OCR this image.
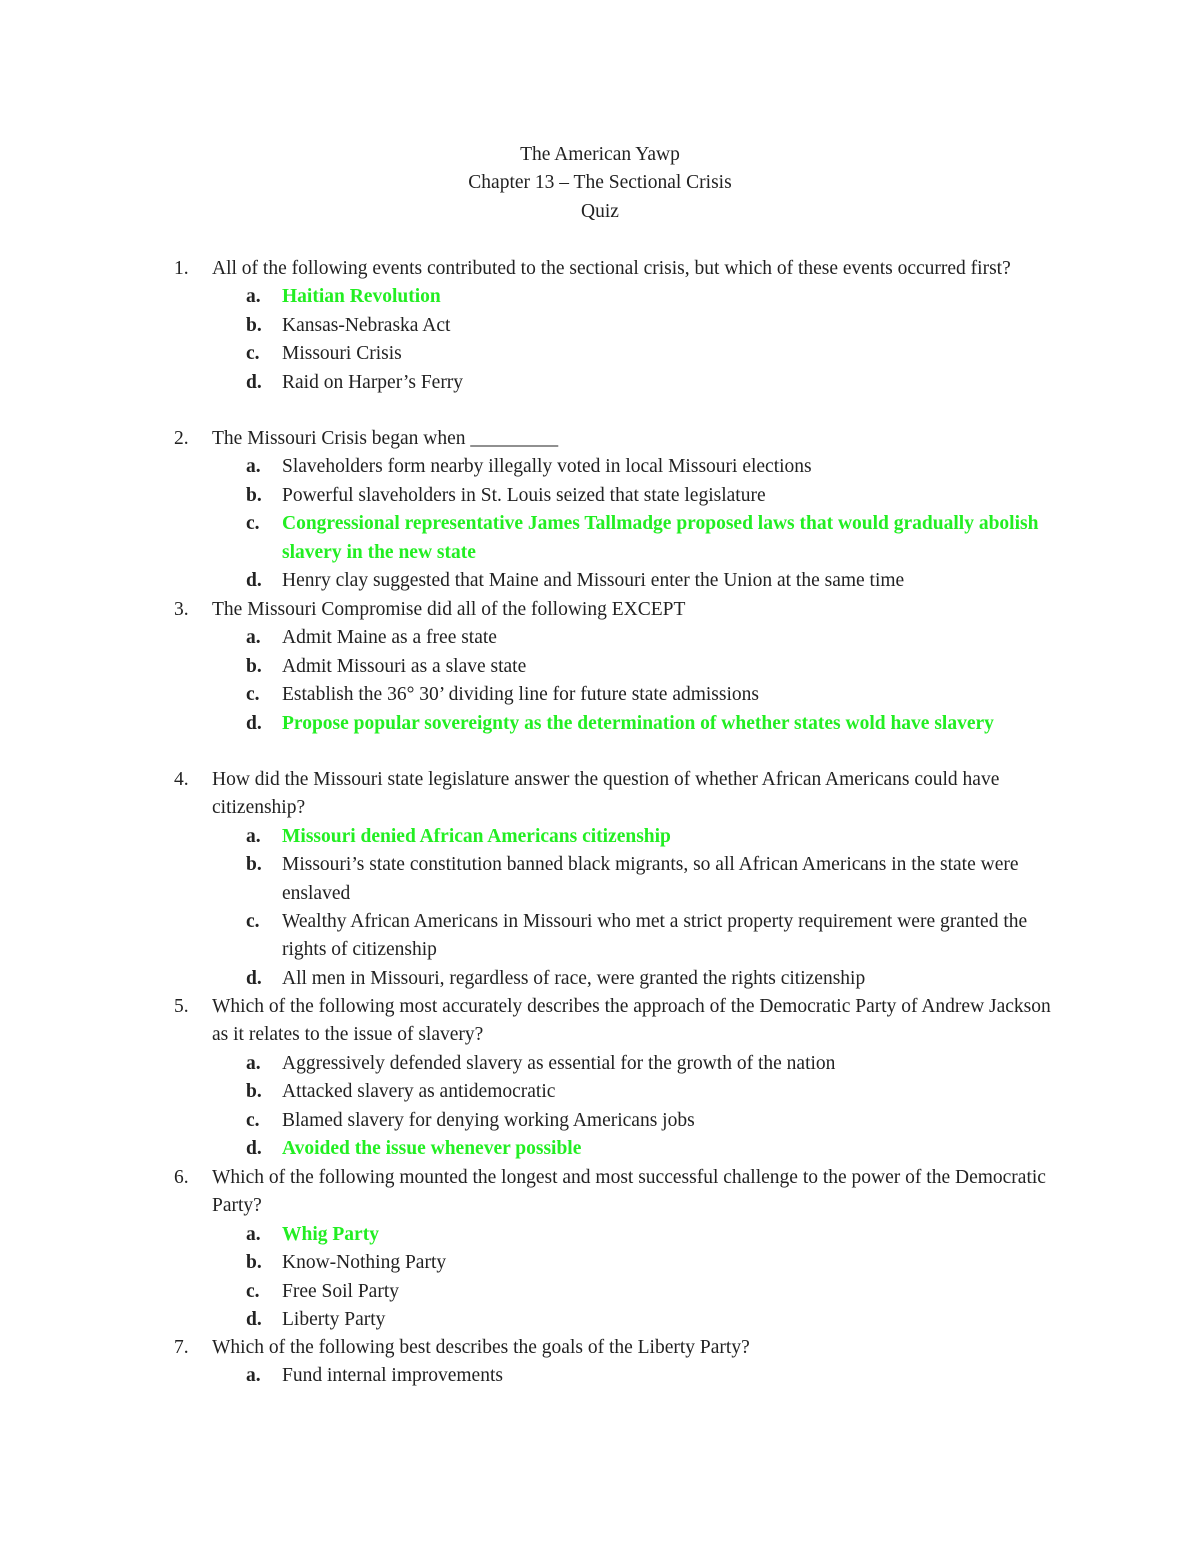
The American Yawp
Chapter 13 – The Sectional Crisis
Quiz
1.	All of the following events contributed to the sectional crisis, but which of these events occurred first?
a. Haitian Revolution
b. Kansas-Nebraska Act
c. Missouri Crisis
d. Raid on Harper’s Ferry
2.	The Missouri Crisis began when _________
a. Slaveholders form nearby illegally voted in local Missouri elections
b. Powerful slaveholders in St. Louis seized that state legislature
c. Congressional representative James Tallmadge proposed laws that would gradually abolish slavery in the new state
d. Henry clay suggested that Maine and Missouri enter the Union at the same time
3.	The Missouri Compromise did all of the following EXCEPT
a. Admit Maine as a free state
b. Admit Missouri as a slave state
c. Establish the 36° 30’ dividing line for future state admissions
d. Propose popular sovereignty as the determination of whether states wold have slavery
4.	How did the Missouri state legislature answer the question of whether African Americans could have citizenship?
a. Missouri denied African Americans citizenship
b. Missouri’s state constitution banned black migrants, so all African Americans in the state were enslaved
c. Wealthy African Americans in Missouri who met a strict property requirement were granted the rights of citizenship
d. All men in Missouri, regardless of race, were granted the rights citizenship
5.	Which of the following most accurately describes the approach of the Democratic Party of Andrew Jackson as it relates to the issue of slavery?
a. Aggressively defended slavery as essential for the growth of the nation
b. Attacked slavery as antidemocratic
c. Blamed slavery for denying working Americans jobs
d. Avoided the issue whenever possible
6.	Which of the following mounted the longest and most successful challenge to the power of the Democratic Party?
a. Whig Party
b. Know-Nothing Party
c. Free Soil Party
d. Liberty Party
7.	Which of the following best describes the goals of the Liberty Party?
a. Fund internal improvements
